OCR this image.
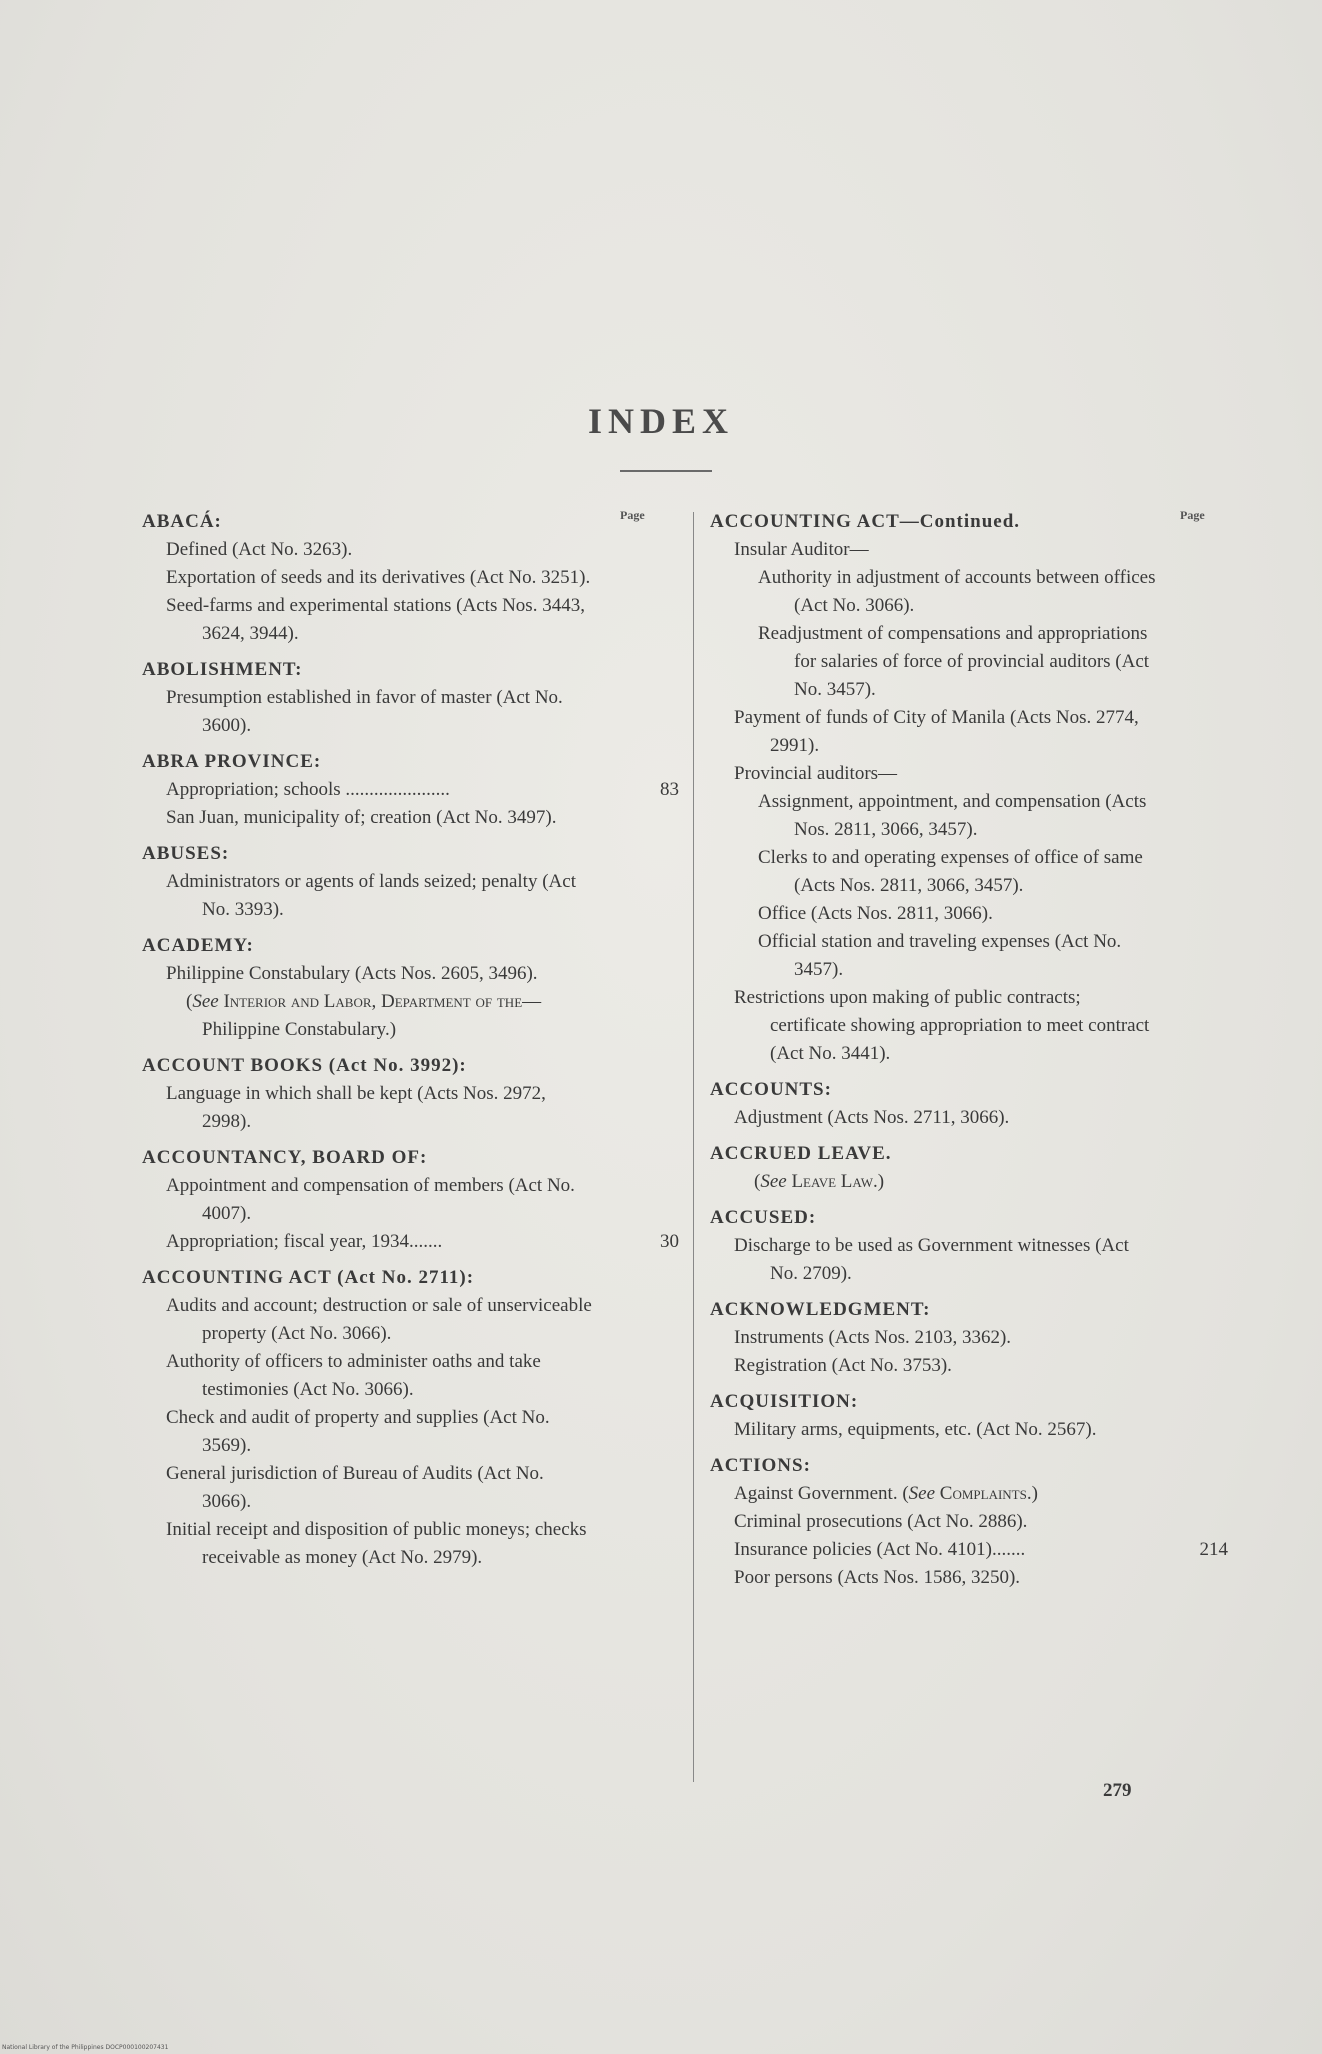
INDEX
Page	Page
ABACÁ:
Defined (Act No. 3263).
Exportation of seeds and its derivatives (Act No. 3251).
Seed-farms and experimental stations (Acts Nos. 3443, 3624, 3944).
ABOLISHMENT:
Presumption established in favor of master (Act No. 3600).
ABRA PROVINCE:
Appropriation; schools ......................	83
San Juan, municipality of; creation (Act No. 3497).
ABUSES:
Administrators or agents of lands seized; penalty (Act No. 3393).
ACADEMY:
Philippine Constabulary (Acts Nos. 2605, 3496).
(See Interior and Labor, Department of the—Philippine Constabulary.)
ACCOUNT BOOKS (Act No. 3992):
Language in which shall be kept (Acts Nos. 2972, 2998).
ACCOUNTANCY, BOARD OF:
Appointment and compensation of members (Act No. 4007).
Appropriation; fiscal year, 1934.......	30
ACCOUNTING ACT (Act No. 2711):
Audits and account; destruction or sale of unserviceable property (Act No. 3066).
Authority of officers to administer oaths and take testimonies (Act No. 3066).
Check and audit of property and supplies (Act No. 3569).
General jurisdiction of Bureau of Audits (Act No. 3066).
Initial receipt and disposition of public moneys; checks receivable as money (Act No. 2979).
ACCOUNTING ACT—Continued.
Insular Auditor—
Authority in adjustment of accounts between offices (Act No. 3066).
Readjustment of compensations and appropriations for salaries of force of provincial auditors (Act No. 3457).
Payment of funds of City of Manila (Acts Nos. 2774, 2991).
Provincial auditors—
Assignment, appointment, and compensation (Acts Nos. 2811, 3066, 3457).
Clerks to and operating expenses of office of same (Acts Nos. 2811, 3066, 3457).
Office (Acts Nos. 2811, 3066).
Official station and traveling expenses (Act No. 3457).
Restrictions upon making of public contracts; certificate showing appropriation to meet contract (Act No. 3441).
ACCOUNTS:
Adjustment (Acts Nos. 2711, 3066).
ACCRUED LEAVE.
(See Leave Law.)
ACCUSED:
Discharge to be used as Government witnesses (Act No. 2709).
ACKNOWLEDGMENT:
Instruments (Acts Nos. 2103, 3362).
Registration (Act No. 3753).
ACQUISITION:
Military arms, equipments, etc. (Act No. 2567).
ACTIONS:
Against Government. (See Complaints.)
Criminal prosecutions (Act No. 2886).
Insurance policies (Act No. 4101).......	214
Poor persons (Acts Nos. 1586, 3250).
279
National Library of the Philippines DOCP000100207431
